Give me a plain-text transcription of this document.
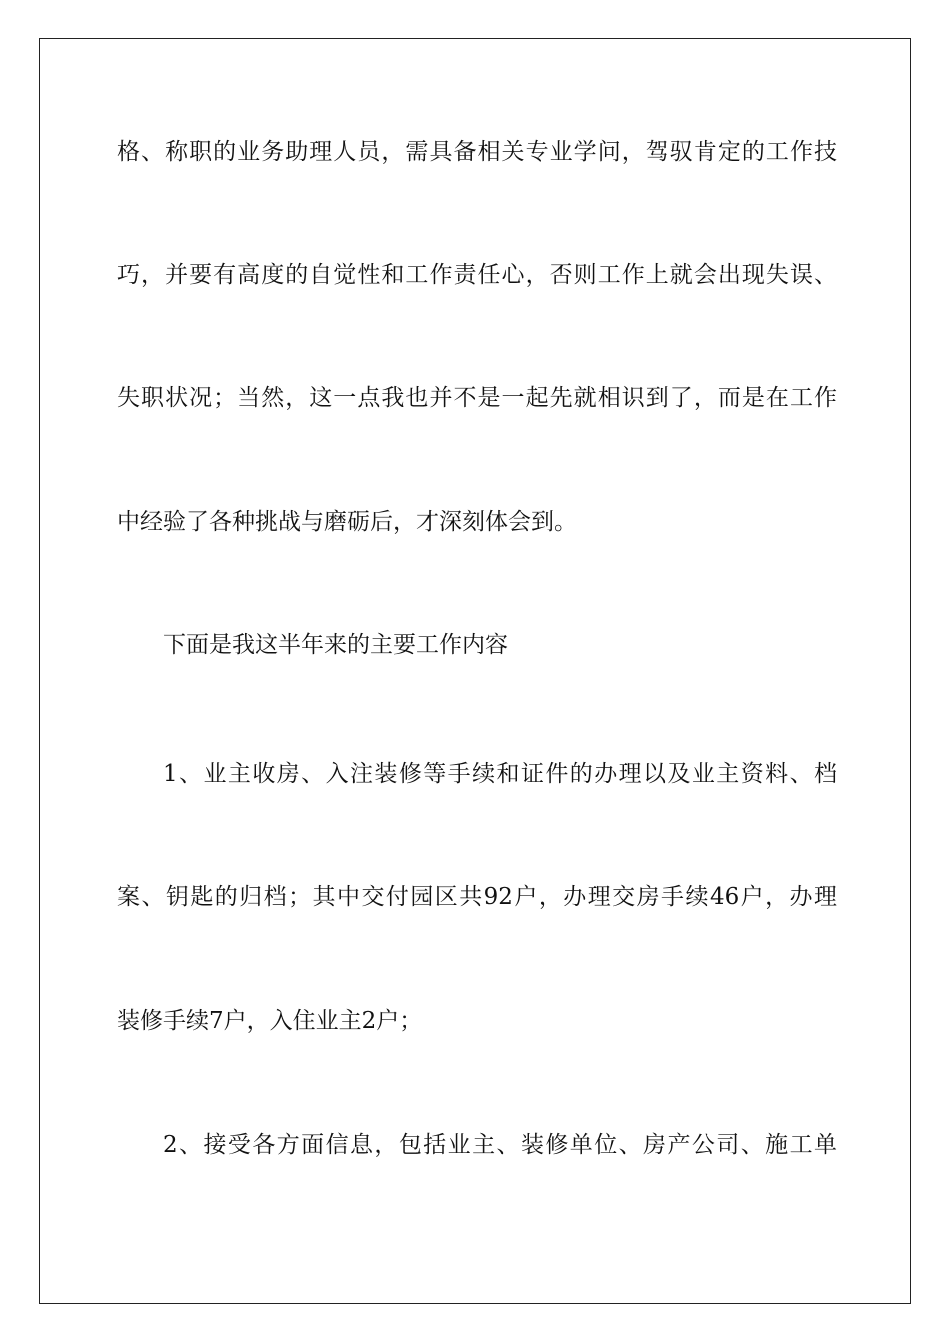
格、称职的业务助理人员，需具备相关专业学问，驾驭肯定的工作技
巧，并要有高度的自觉性和工作责任心，否则工作上就会出现失误、
失职状况；当然，这一点我也并不是一起先就相识到了，而是在工作
中经验了各种挑战与磨砺后，才深刻体会到。
下面是我这半年来的主要工作内容
1、业主收房、入注装修等手续和证件的办理以及业主资料、档
案、钥匙的归档；其中交付园区共92户，办理交房手续46户，办理
装修手续7户，入住业主2户；
2、接受各方面信息，包括业主、装修单位、房产公司、施工单
